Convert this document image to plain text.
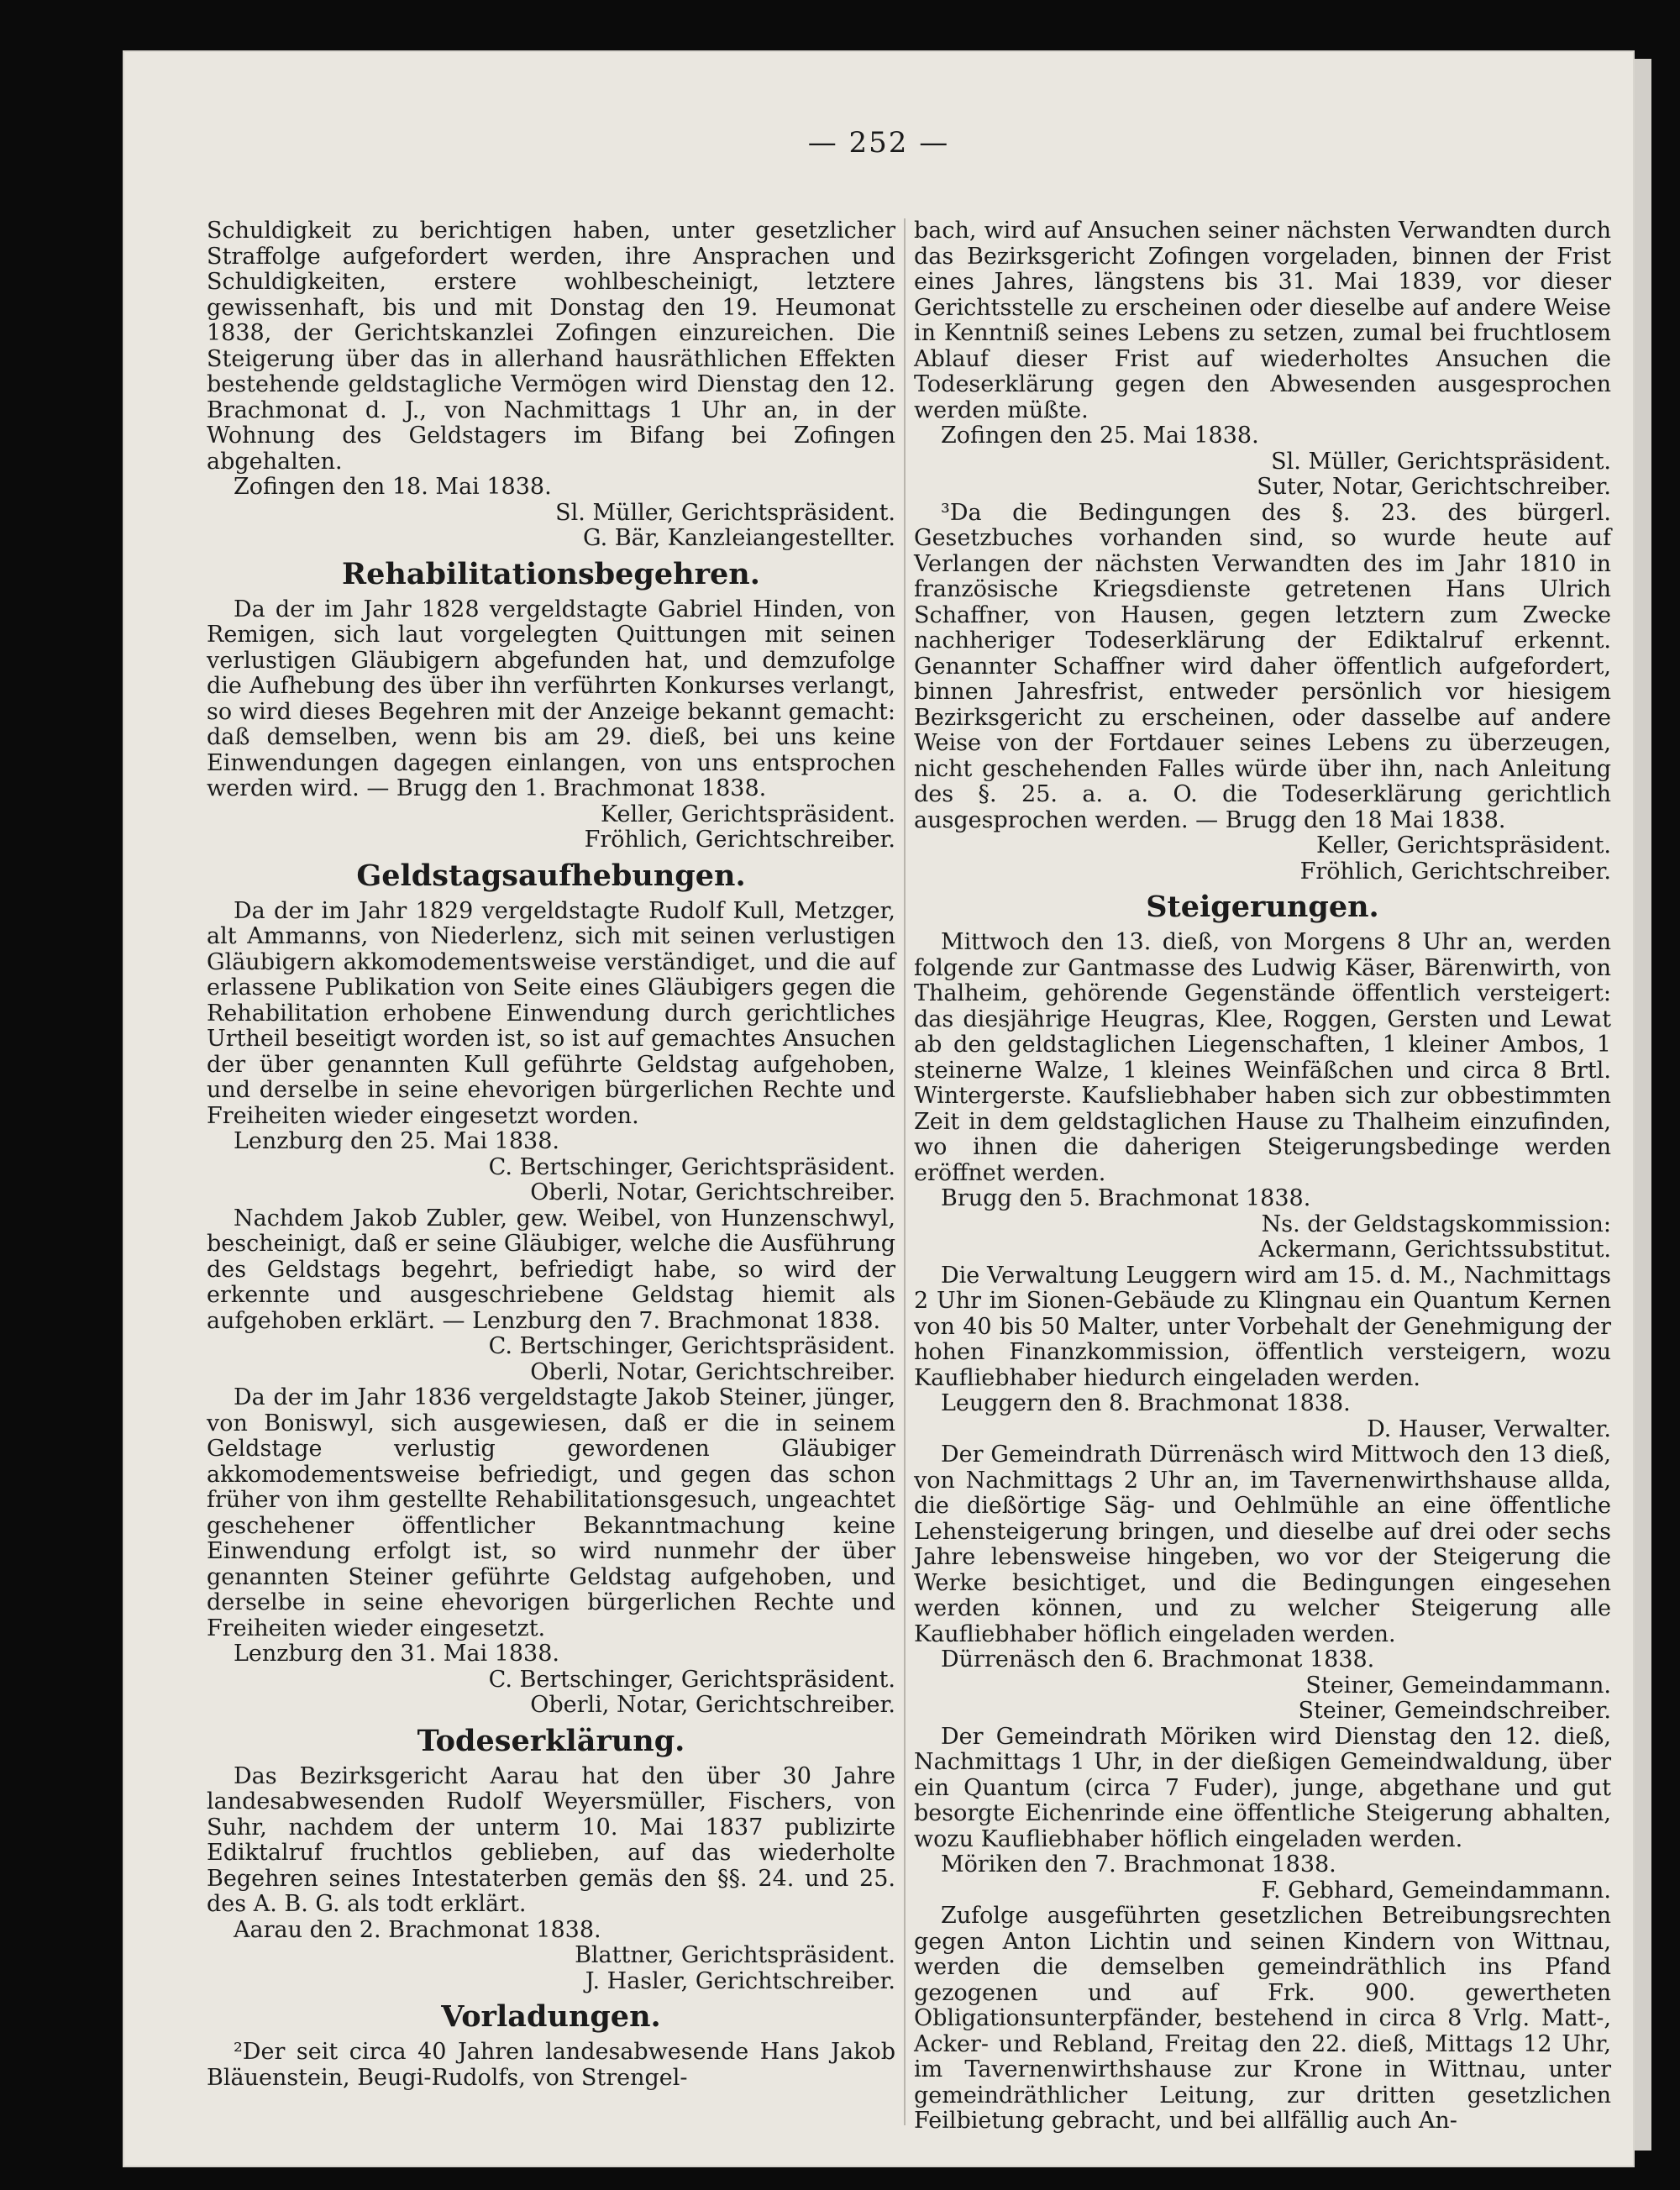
— 252 —

Schuldigkeit zu berichtigen haben, unter gesetzlicher Straffolge aufgefordert werden, ihre Ansprachen und Schuldigkeiten, erstere wohlbescheinigt, letztere gewissenhaft, bis und mit Donstag den 19. Heumonat 1838, der Gerichtskanzlei Zofingen einzureichen. Die Steigerung über das in allerhand hausräthlichen Effekten bestehende geldstagliche Vermögen wird Dienstag den 12. Brachmonat d. J., von Nachmittags 1 Uhr an, in der Wohnung des Geldstagers im Bifang bei Zofingen abgehalten.

Zofingen den 18. Mai 1838.

Sl. Müller, Gerichtspräsident.

G. Bär, Kanzleiangestellter.

Rehabilitationsbegehren.

Da der im Jahr 1828 vergeldstagte Gabriel Hinden, von Remigen, sich laut vorgelegten Quittungen mit seinen verlustigen Gläubigern abgefunden hat, und demzufolge die Aufhebung des über ihn verführten Konkurses verlangt, so wird dieses Begehren mit der Anzeige bekannt gemacht: daß demselben, wenn bis am 29. dieß, bei uns keine Einwendungen dagegen einlangen, von uns entsprochen werden wird. — Brugg den 1. Brachmonat 1838.

Keller, Gerichtspräsident.

Fröhlich, Gerichtschreiber.

Geldstagsaufhebungen.

Da der im Jahr 1829 vergeldstagte Rudolf Kull, Metzger, alt Ammanns, von Niederlenz, sich mit seinen verlustigen Gläubigern akkomodementsweise verständiget, und die auf erlassene Publikation von Seite eines Gläubigers gegen die Rehabilitation erhobene Einwendung durch gerichtliches Urtheil beseitigt worden ist, so ist auf gemachtes Ansuchen der über genannten Kull geführte Geldstag aufgehoben, und derselbe in seine ehevorigen bürgerlichen Rechte und Freiheiten wieder eingesetzt worden.

Lenzburg den 25. Mai 1838.

C. Bertschinger, Gerichtspräsident.

Oberli, Notar, Gerichtschreiber.

Nachdem Jakob Zubler, gew. Weibel, von Hunzenschwyl, bescheinigt, daß er seine Gläubiger, welche die Ausführung des Geldstags begehrt, befriedigt habe, so wird der erkennte und ausgeschriebene Geldstag hiemit als aufgehoben erklärt. — Lenzburg den 7. Brachmonat 1838.

C. Bertschinger, Gerichtspräsident.

Oberli, Notar, Gerichtschreiber.

Da der im Jahr 1836 vergeldstagte Jakob Steiner, jünger, von Boniswyl, sich ausgewiesen, daß er die in seinem Geldstage verlustig gewordenen Gläubiger akkomodementsweise befriedigt, und gegen das schon früher von ihm gestellte Rehabilitationsgesuch, ungeachtet geschehener öffentlicher Bekanntmachung keine Einwendung erfolgt ist, so wird nunmehr der über genannten Steiner geführte Geldstag aufgehoben, und derselbe in seine ehevorigen bürgerlichen Rechte und Freiheiten wieder eingesetzt.

Lenzburg den 31. Mai 1838.

C. Bertschinger, Gerichtspräsident.

Oberli, Notar, Gerichtschreiber.

Todeserklärung.

Das Bezirksgericht Aarau hat den über 30 Jahre landesabwesenden Rudolf Weyersmüller, Fischers, von Suhr, nachdem der unterm 10. Mai 1837 publizirte Ediktalruf fruchtlos geblieben, auf das wiederholte Begehren seines Intestaterben gemäs den §§. 24. und 25. des A. B. G. als todt erklärt.

Aarau den 2. Brachmonat 1838.

Blattner, Gerichtspräsident.

J. Hasler, Gerichtschreiber.

Vorladungen.

²Der seit circa 40 Jahren landesabwesende Hans Jakob Bläuenstein, Beugi-Rudolfs, von Strengel-

bach, wird auf Ansuchen seiner nächsten Verwandten durch das Bezirksgericht Zofingen vorgeladen, binnen der Frist eines Jahres, längstens bis 31. Mai 1839, vor dieser Gerichtsstelle zu erscheinen oder dieselbe auf andere Weise in Kenntniß seines Lebens zu setzen, zumal bei fruchtlosem Ablauf dieser Frist auf wiederholtes Ansuchen die Todeserklärung gegen den Abwesenden ausgesprochen werden müßte.

Zofingen den 25. Mai 1838.

Sl. Müller, Gerichtspräsident.

Suter, Notar, Gerichtschreiber.

³Da die Bedingungen des §. 23. des bürgerl. Gesetzbuches vorhanden sind, so wurde heute auf Verlangen der nächsten Verwandten des im Jahr 1810 in französische Kriegsdienste getretenen Hans Ulrich Schaffner, von Hausen, gegen letztern zum Zwecke nachheriger Todeserklärung der Ediktalruf erkennt. Genannter Schaffner wird daher öffentlich aufgefordert, binnen Jahresfrist, entweder persönlich vor hiesigem Bezirksgericht zu erscheinen, oder dasselbe auf andere Weise von der Fortdauer seines Lebens zu überzeugen, nicht geschehenden Falles würde über ihn, nach Anleitung des §. 25. a. a. O. die Todeserklärung gerichtlich ausgesprochen werden. — Brugg den 18 Mai 1838.

Keller, Gerichtspräsident.

Fröhlich, Gerichtschreiber.

Steigerungen.

Mittwoch den 13. dieß, von Morgens 8 Uhr an, werden folgende zur Gantmasse des Ludwig Käser, Bärenwirth, von Thalheim, gehörende Gegenstände öffentlich versteigert: das diesjährige Heugras, Klee, Roggen, Gersten und Lewat ab den geldstaglichen Liegenschaften, 1 kleiner Ambos, 1 steinerne Walze, 1 kleines Weinfäßchen und circa 8 Brtl. Wintergerste. Kaufsliebhaber haben sich zur obbestimmten Zeit in dem geldstaglichen Hause zu Thalheim einzufinden, wo ihnen die daherigen Steigerungsbedinge werden eröffnet werden.

Brugg den 5. Brachmonat 1838.

Ns. der Geldstagskommission:

Ackermann, Gerichtssubstitut.

Die Verwaltung Leuggern wird am 15. d. M., Nachmittags 2 Uhr im Sionen-Gebäude zu Klingnau ein Quantum Kernen von 40 bis 50 Malter, unter Vorbehalt der Genehmigung der hohen Finanzkommission, öffentlich versteigern, wozu Kaufliebhaber hiedurch eingeladen werden.

Leuggern den 8. Brachmonat 1838.

D. Hauser, Verwalter.

Der Gemeindrath Dürrenäsch wird Mittwoch den 13 dieß, von Nachmittags 2 Uhr an, im Tavernenwirthshause allda, die dießörtige Säg- und Oehlmühle an eine öffentliche Lehensteigerung bringen, und dieselbe auf drei oder sechs Jahre lebensweise hingeben, wo vor der Steigerung die Werke besichtiget, und die Bedingungen eingesehen werden können, und zu welcher Steigerung alle Kaufliebhaber höflich eingeladen werden.

Dürrenäsch den 6. Brachmonat 1838.

Steiner, Gemeindammann.

Steiner, Gemeindschreiber.

Der Gemeindrath Möriken wird Dienstag den 12. dieß, Nachmittags 1 Uhr, in der dießigen Gemeindwaldung, über ein Quantum (circa 7 Fuder), junge, abgethane und gut besorgte Eichenrinde eine öffentliche Steigerung abhalten, wozu Kaufliebhaber höflich eingeladen werden.

Möriken den 7. Brachmonat 1838.

F. Gebhard, Gemeindammann.

Zufolge ausgeführten gesetzlichen Betreibungsrechten gegen Anton Lichtin und seinen Kindern von Wittnau, werden die demselben gemeindräthlich ins Pfand gezogenen und auf Frk. 900. gewertheten Obligationsunterpfänder, bestehend in circa 8 Vrlg. Matt-, Acker- und Rebland, Freitag den 22. dieß, Mittags 12 Uhr, im Tavernenwirthshause zur Krone in Wittnau, unter gemeindräthlicher Leitung, zur dritten gesetzlichen Feilbietung gebracht, und bei allfällig auch An-
